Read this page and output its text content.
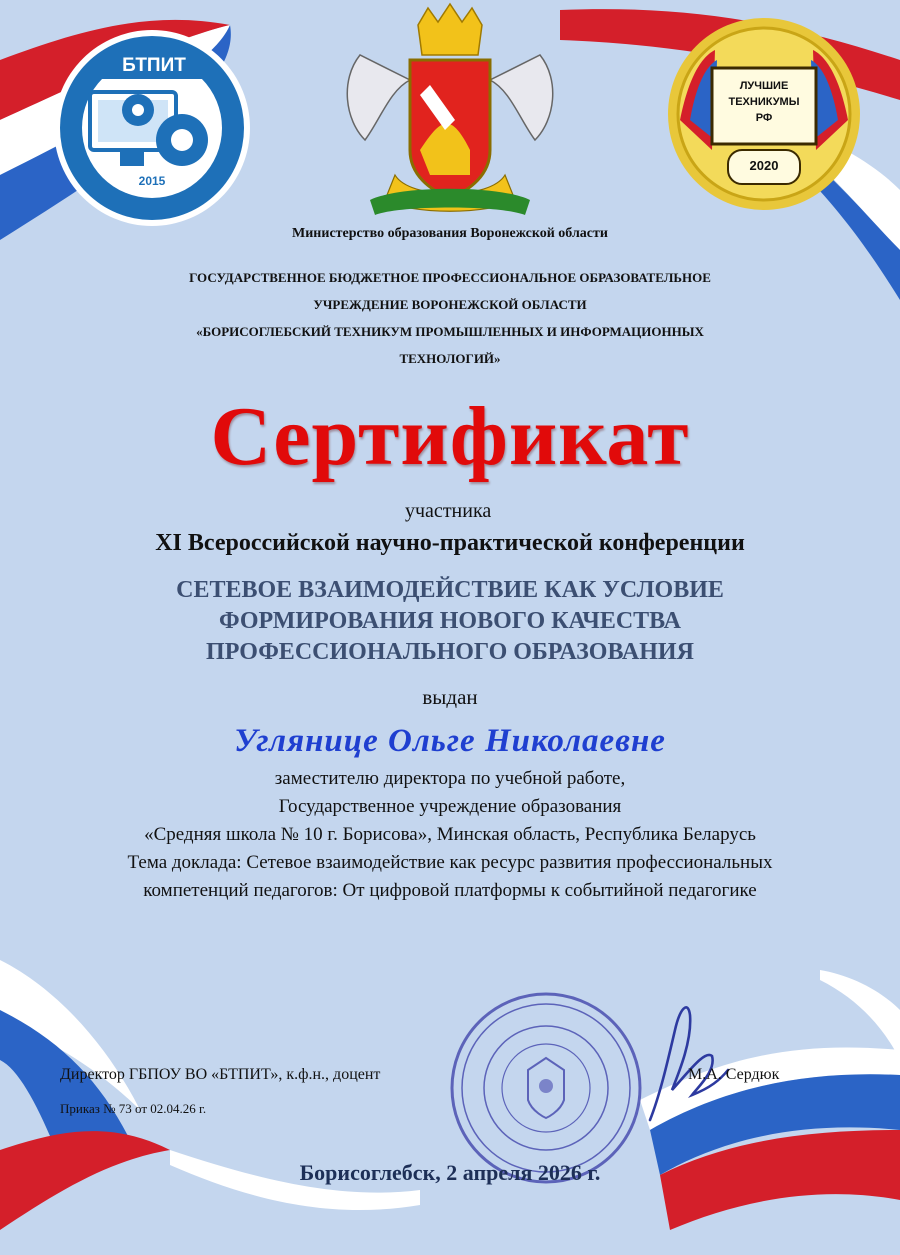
БТПИТ
2015
ЛУЧШИЕ
ТЕХНИКУМЫ
РФ
2020
Министерство образования Воронежской области
ГОСУДАРСТВЕННОЕ БЮДЖЕТНОЕ ПРОФЕССИОНАЛЬНОЕ ОБРАЗОВАТЕЛЬНОЕ
УЧРЕЖДЕНИЕ ВОРОНЕЖСКОЙ ОБЛАСТИ
«БОРИСОГЛЕБСКИЙ ТЕХНИКУМ ПРОМЫШЛЕННЫХ И ИНФОРМАЦИОННЫХ
ТЕХНОЛОГИЙ»
Сертификат
участника
XI Всероссийской научно-практической конференции
СЕТЕВОЕ ВЗАИМОДЕЙСТВИЕ КАК УСЛОВИЕ
ФОРМИРОВАНИЯ НОВОГО КАЧЕСТВА
ПРОФЕССИОНАЛЬНОГО ОБРАЗОВАНИЯ
выдан
Углянице Ольге Николаевне
заместителю директора по учебной работе,
Государственное учреждение образования
«Средняя школа № 10 г. Борисова», Минская область, Республика Беларусь
Тема доклада: Сетевое взаимодействие как ресурс развития профессиональных
компетенций педагогов: От цифровой платформы к событийной педагогике
Директор ГБПОУ ВО «БТПИТ», к.ф.н., доцент	М.А. Сердюк
Приказ № 73 от 02.04.26 г.
Борисоглебск, 2 апреля 2026 г.
